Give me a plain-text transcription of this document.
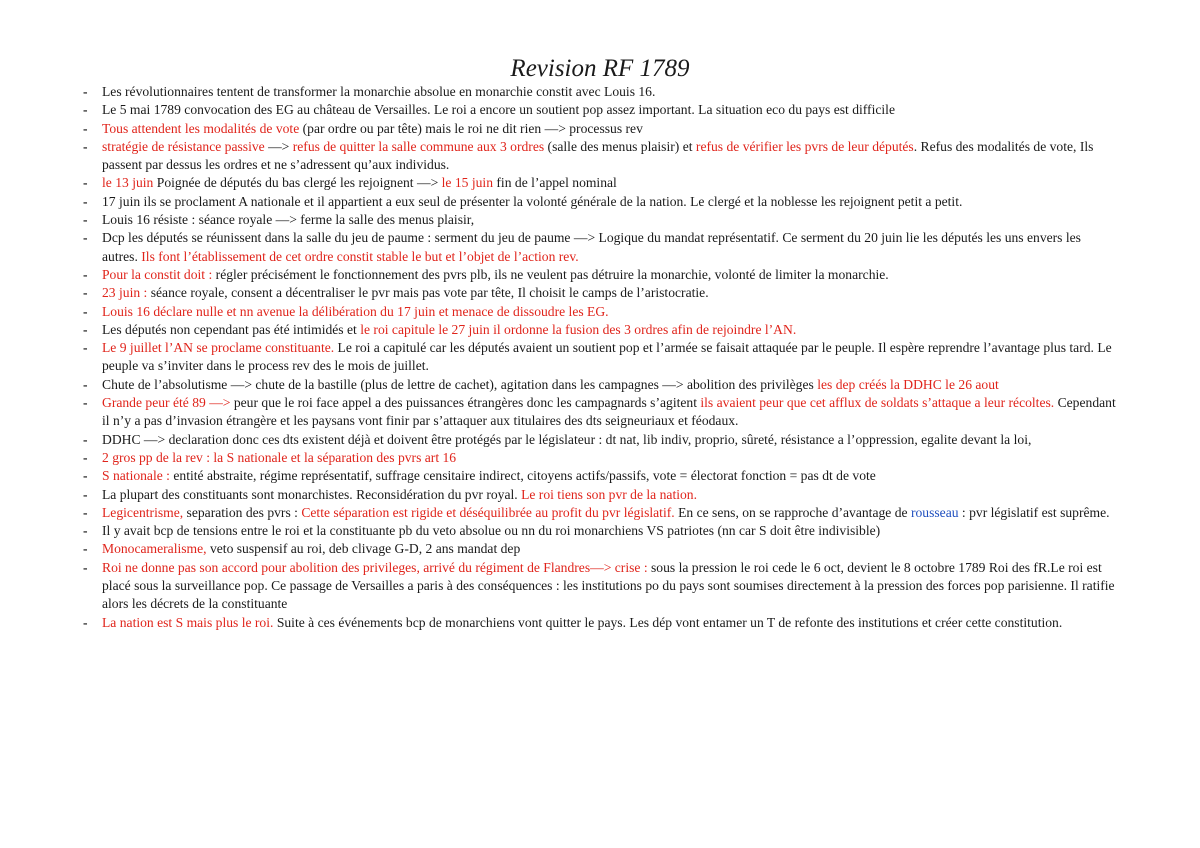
Revision RF 1789
- Les révolutionnaires tentent de transformer la monarchie absolue en monarchie constit avec Louis 16.
- Le 5 mai 1789 convocation des EG au château de Versailles. Le roi a encore un soutient pop assez important. La situation eco du pays est difficile
- Tous attendent les modalités de vote (par ordre ou par tête) mais le roi ne dit rien —> processus rev
- stratégie de résistance passive —> refus de quitter la salle commune aux 3 ordres (salle des menus plaisir) et refus de vérifier les pvrs de leur députés. Refus des modalités de vote, Ils passent par dessus les ordres et ne s’adressent qu’aux individus.
- le 13 juin Poignée de députés du bas clergé les rejoignent —> le 15 juin fin de l’appel nominal
- 17 juin ils se proclament A nationale et il appartient a eux seul de présenter la volonté générale de la nation. Le clergé et la noblesse les rejoignent petit a petit.
- Louis 16 résiste : séance royale —> ferme la salle des menus plaisir,
- Dcp les députés se réunissent dans la salle du jeu de paume : serment du jeu de paume —> Logique du mandat représentatif. Ce serment du 20 juin lie les députés les uns envers les autres. Ils font l’établissement de cet ordre constit stable le but et l’objet de l’action rev.
- Pour la constit doit : régler précisément le fonctionnement des pvrs plb, ils ne veulent pas détruire la monarchie, volonté de limiter la monarchie.
- 23 juin : séance royale, consent a décentraliser le pvr mais pas vote par tête, Il choisit le camps de l’aristocratie.
- Louis 16 déclare nulle et nn avenue la délibération du 17 juin et menace de dissoudre les EG.
- Les députés non cependant pas été intimidés et le roi capitule le 27 juin il ordonne la fusion des 3 ordres afin de rejoindre l’AN.
- Le 9 juillet l’AN se proclame constituante. Le roi a capitulé car les députés avaient un soutient pop et l’armée se faisait attaquée par le peuple. Il espère reprendre l’avantage plus tard. Le peuple va s’inviter dans le process rev des le mois de juillet.
- Chute de l’absolutisme —> chute de la bastille (plus de lettre de cachet), agitation dans les campagnes —> abolition des privilèges les dep créés la DDHC le 26 aout
- Grande peur été 89 —> peur que le roi face appel a des puissances étrangères donc les campagnards s’agitent ils avaient peur que cet afflux de soldats s’attaque a leur récoltes. Cependant il n’y a pas d’invasion étrangère et les paysans vont finir par s’attaquer aux titulaires des dts seigneuriaux et féodaux.
- DDHC —> declaration donc ces dts existent déjà et doivent être protégés par le législateur : dt nat, lib indiv, proprio, sûreté, résistance a l’oppression, egalite devant la loi,
- 2 gros pp de la rev : la S nationale et la séparation des pvrs art 16
- S nationale : entité abstraite, régime représentatif, suffrage censitaire indirect, citoyens actifs/passifs, vote = électorat fonction = pas dt de vote
- La plupart des constituants sont monarchistes. Reconsidération du pvr royal. Le roi tiens son pvr de la nation.
- Legicentrisme, separation des pvrs : Cette séparation est rigide et déséquilibrée au profit du pvr législatif. En ce sens, on se rapproche d’avantage de rousseau : pvr législatif est suprême.
- Il y avait bcp de tensions entre le roi et la constituante pb du veto absolue ou nn du roi monarchiens VS patriotes (nn car S doit être indivisible)
- Monocameralisme, veto suspensif au roi, deb clivage G-D, 2 ans mandat dep
- Roi ne donne pas son accord pour abolition des privileges, arrivé du régiment de Flandres—> crise : sous la pression le roi cede le 6 oct, devient le 8 octobre 1789 Roi des fR.Le roi est placé sous la surveillance pop. Ce passage de Versailles a paris à des conséquences : les institutions po du pays sont soumises directement à la pression des forces pop parisienne. Il ratifie alors les décrets de la constituante
- La nation est S mais plus le roi. Suite à ces événements bcp de monarchiens vont quitter le pays. Les dép vont entamer un T de refonte des institutions et créer cette constitution.
